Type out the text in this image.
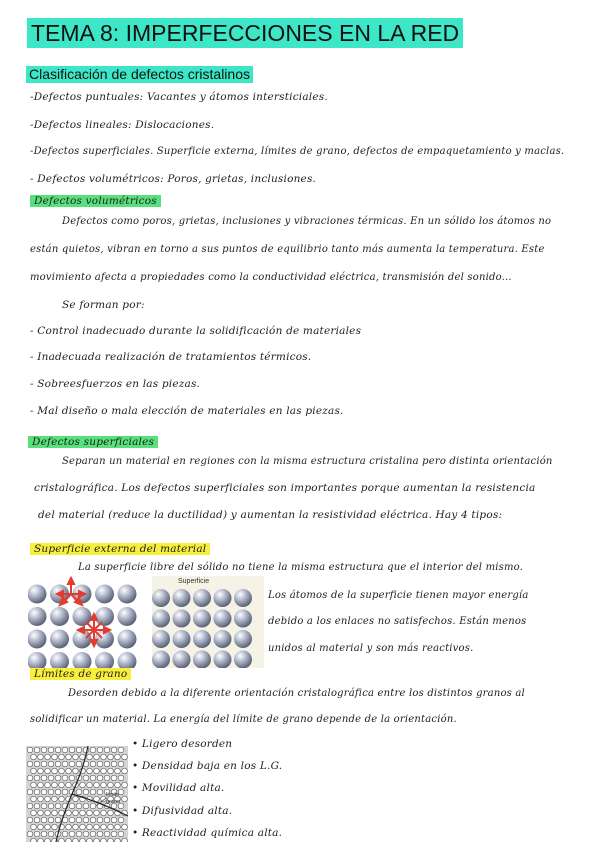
TEMA 8: IMPERFECCIONES EN LA RED
Clasificación de defectos cristalinos
-Defectos puntuales: Vacantes y átomos intersticiales.
-Defectos lineales: Dislocaciones.
-Defectos superficiales. Superficie externa, límites de grano, defectos de empaquetamiento y maclas.
- Defectos volumétricos: Poros, grietas, inclusiones.
Defectos volumétricos
Defectos como poros, grietas, inclusiones y vibraciones térmicas. En un sólido los átomos no
están quietos, vibran en torno a sus puntos de equilibrio tanto más aumenta la temperatura. Este
movimiento afecta a propiedades como la conductividad eléctrica, transmisión del sonido...
Se forman por:
- Control inadecuado durante la solidificación de materiales
- Inadecuada realización de tratamientos térmicos.
- Sobreesfuerzos en las piezas.
- Mal diseño o mala elección de materiales en las piezas.
Defectos superficiales
Separan un material en regiones con la misma estructura cristalina pero distinta orientación
cristalográfica. Los defectos superficiales son importantes porque aumentan la resistencia
del material (reduce la ductilidad) y aumentan la resistividad eléctrica. Hay 4 tipos:
Superficie externa del material
La superficie libre del sólido no tiene la misma estructura que el interior del mismo.
Superficie
Los átomos de la superficie tienen mayor energía
debido a los enlaces no satisfechos. Están menos
unidos al material y son más reactivos.
Límites de grano
Desorden debido a la diferente orientación cristalográfica entre los distintos granos al
solidificar un material. La energía del límite de grano depende de la orientación.
límite
grano
• Ligero desorden
• Densidad baja en los L.G.
• Movilidad alta.
• Difusividad alta.
• Reactividad química alta.
